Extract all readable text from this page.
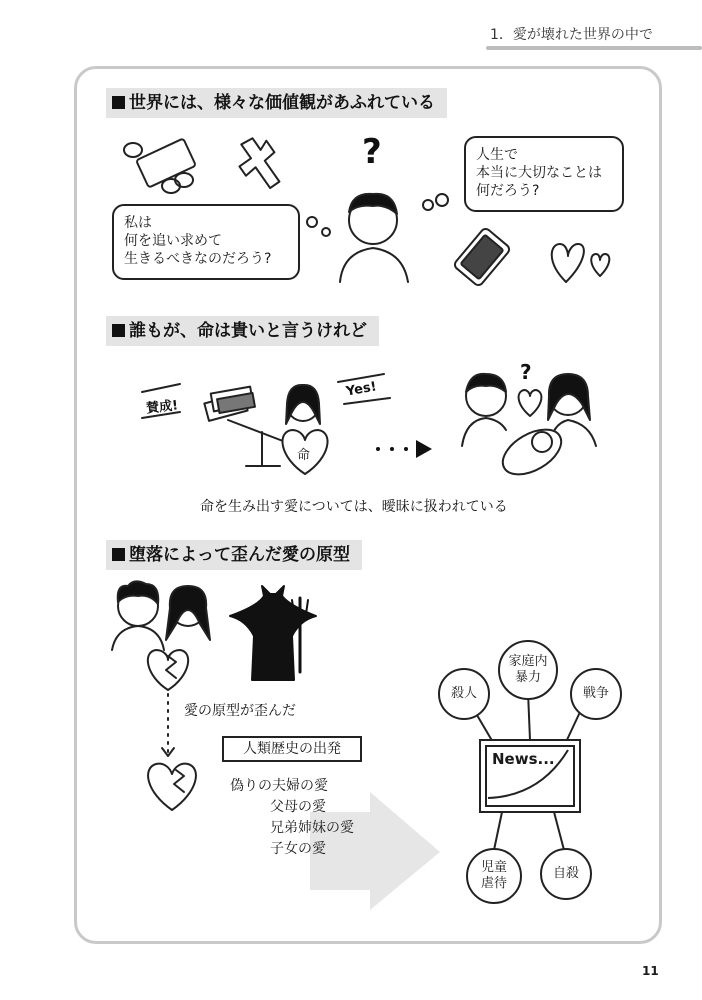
1．愛が壊れた世界の中で
世界には、様々な価値観があふれている
私は
何を追い求めて
生きるべきなのだろう?
人生で
本当に大切なことは
何だろう?
?
誰もが、命は貴いと言うけれど
賛成!
Yes!
命
?
命を生み出す愛については、曖昧に扱われている
堕落によって歪んだ愛の原型
愛の原型が歪んだ
人類歴史の出発
偽りの夫婦の愛
父母の愛
兄弟姉妹の愛
子女の愛
News...
殺人
家庭内
暴力
戦争
児童
虐待
自殺
11
